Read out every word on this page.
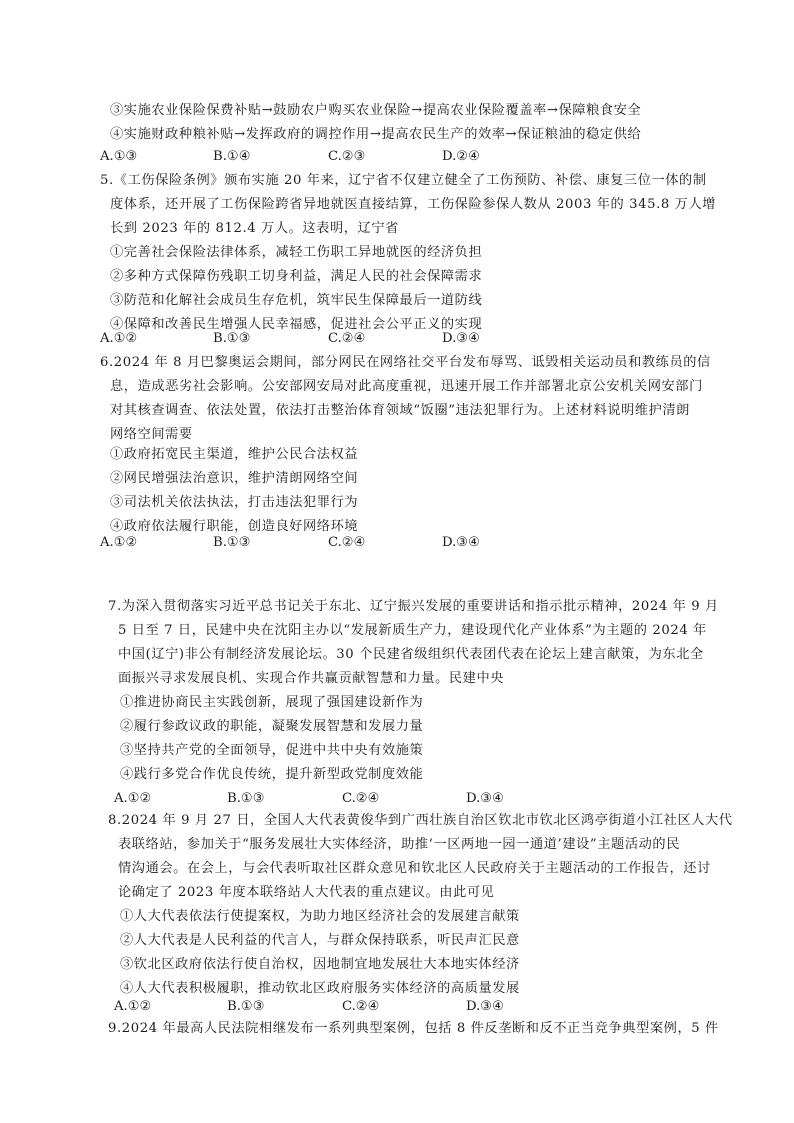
③实施农业保险保费补贴→鼓励农户购买农业保险→提高农业保险覆盖率→保障粮食安全
④实施财政种粮补贴→发挥政府的调控作用→提高农民生产的效率→保证粮油的稳定供给
A.①③	B.①④	C.②③	D.②④
5.《工伤保险条例》颁布实施 20 年来，辽宁省不仅建立健全了工伤预防、补偿、康复三位一体的制
度体系，还开展了工伤保险跨省异地就医直接结算，工伤保险参保人数从 2003 年的 345.8 万人增
长到 2023 年的 812.4 万人。这表明，辽宁省
①完善社会保险法律体系，减轻工伤职工异地就医的经济负担
②多种方式保障伤残职工切身利益，满足人民的社会保障需求
③防范和化解社会成员生存危机，筑牢民生保障最后一道防线
④保障和改善民生增强人民幸福感，促进社会公平正义的实现
A.①②	B.①③	C.②④	D.③④
6.2024 年 8 月巴黎奥运会期间，部分网民在网络社交平台发布辱骂、诋毁相关运动员和教练员的信
息，造成恶劣社会影响。公安部网安局对此高度重视，迅速开展工作并部署北京公安机关网安部门
对其核查调查、依法处置，依法打击整治体育领域“饭圈”违法犯罪行为。上述材料说明维护清朗
网络空间需要
①政府拓宽民主渠道，维护公民合法权益
②网民增强法治意识，维护清朗网络空间
③司法机关依法执法，打击违法犯罪行为
④政府依法履行职能，创造良好网络环境
A.①②	B.①③	C.②④	D.③④
7.为深入贯彻落实习近平总书记关于东北、辽宁振兴发展的重要讲话和指示批示精神，2024 年 9 月
5 日至 7 日，民建中央在沈阳主办以“发展新质生产力，建设现代化产业体系”为主题的 2024 年
中国(辽宁)非公有制经济发展论坛。30 个民建省级组织代表团代表在论坛上建言献策，为东北全
面振兴寻求发展良机、实现合作共赢贡献智慧和力量。民建中央
①推进协商民主实践创新，展现了强国建设新作为
②履行参政议政的职能，凝聚发展智慧和发展力量
③坚持共产党的全面领导，促进中共中央有效施策
④践行多党合作优良传统，提升新型政党制度效能
A.①②	B.①③	C.②④	D.③④
8.2024 年 9 月 27 日，全国人大代表黄俊华到广西壮族自治区钦北市钦北区鸿亭街道小江社区人大代
表联络站，参加关于“服务发展壮大实体经济，助推‘一区两地一园一通道’建设”主题活动的民
情沟通会。在会上，与会代表听取社区群众意见和钦北区人民政府关于主题活动的工作报告，还讨
论确定了 2023 年度本联络站人大代表的重点建议。由此可见
①人大代表依法行使提案权，为助力地区经济社会的发展建言献策
②人大代表是人民利益的代言人，与群众保持联系，听民声汇民意
③钦北区政府依法行使自治权，因地制宜地发展壮大本地实体经济
④人大代表积极履职，推动钦北区政府服务实体经济的高质量发展
A.①②	B.①③	C.②④	D.③④
9.2024 年最高人民法院相继发布一系列典型案例，包括 8 件反垄断和反不正当竞争典型案例，5 件
